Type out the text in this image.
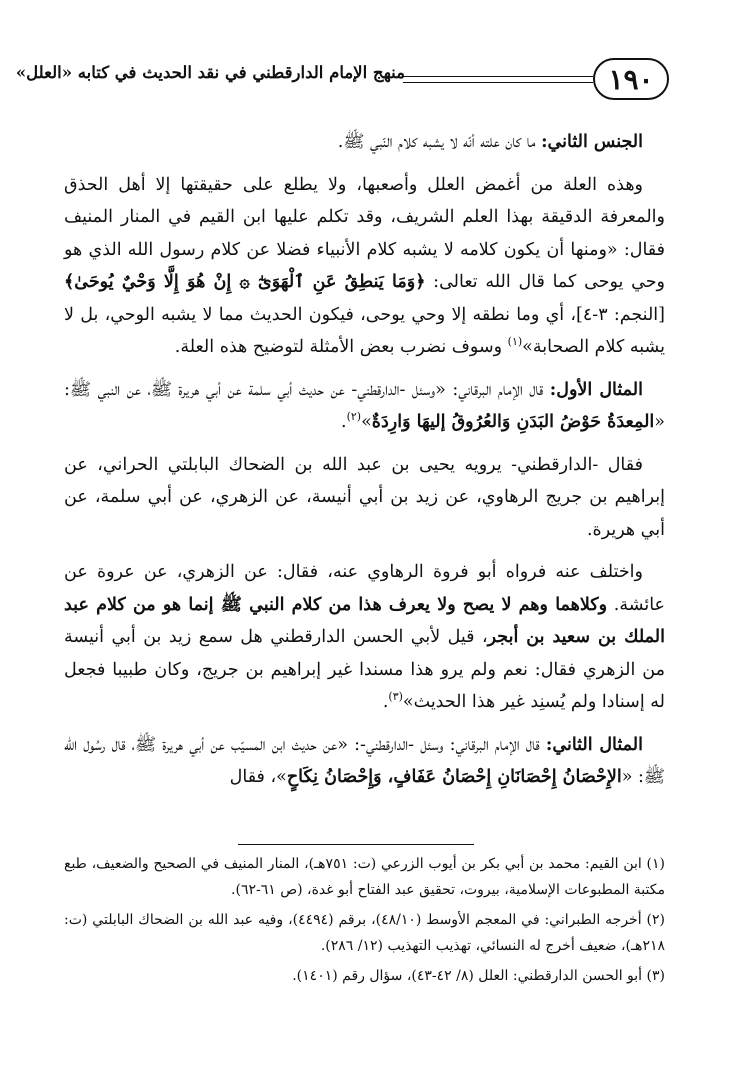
١٩٠
منهج الإمام الدارقطني في نقد الحديث في كتابه «العلل»

الجنس الثاني: ما كان علته أنّه لا يشبه كلام النّبي ﷺ.

وهذه العلة من أغمض العلل وأصعبها، ولا يطلع على حقيقتها إلا أهل الحذق والمعرفة الدقيقة بهذا العلم الشريف، وقد تكلم عليها ابن القيم في المنار المنيف فقال: «ومنها أن يكون كلامه لا يشبه كلام الأنبياء فضلا عن كلام رسول الله الذي هو وحي يوحى كما قال الله تعالى: ﴿وَمَا يَنطِقُ عَنِ ٱلْهَوَىٰٓ ۞ إِنْ هُوَ إِلَّا وَحْيٌ يُوحَىٰ﴾ [النجم: ٣-٤]، أي وما نطقه إلا وحي يوحى، فيكون الحديث مما لا يشبه الوحي، بل لا يشبه كلام الصحابة»$^{(١)}$ وسوف نضرب بعض الأمثلة لتوضيح هذه العلة.

المثال الأول: قال الإمام البرقاني: «وسئل -الدارقطني- عن حديث أبي سلمة عن أبي هريرة ﷺ، عن النبي ﷺ: «المِعدَةُ حَوْضُ البَدَنِ وَالعُرُوقُ إليهَا وَارِدَةٌ»$^{(٢)}$.

فقال -الدارقطني- يرويه يحيى بن عبد الله بن الضحاك البابلتي الحراني، عن إبراهيم بن جريج الرهاوي، عن زيد بن أبي أنيسة، عن الزهري، عن أبي سلمة، عن أبي هريرة.

واختلف عنه فرواه أبو فروة الرهاوي عنه، فقال: عن الزهري، عن عروة عن عائشة. وكلاهما وهم لا يصح ولا يعرف هذا من كلام النبي ﷺ إنما هو من كلام عبد الملك بن سعيد بن أبجر، قيل لأبي الحسن الدارقطني هل سمع زيد بن أبي أنيسة من الزهري فقال: نعم ولم يرو هذا مسندا غير إبراهيم بن جريج، وكان طبيبا فجعل له إسنادا ولم يُسنِد غير هذا الحديث»$^{(٣)}$.

المثال الثاني: قال الإمام البرقاني: وسئل -الدارقطني-: «عن حديث ابن المسيّب عن أبي هريرة ﷺ، قال رسُول الله ﷺ: «الإِحْصَانُ إِحْصَانَانِ إِحْصَانُ عَفَافٍ، وَإِحْصَانُ نِكَاحٍ»، فقال

(١) ابن القيم: محمد بن أبي بكر بن أيوب الزرعي (ت: ٧٥١هـ)، المنار المنيف في الصحيح والضعيف، طبع مكتبة المطبوعات الإسلامية، بيروت، تحقيق عبد الفتاح أبو غدة، (ص ٦١-٦٢).

(٢) أخرجه الطبراني: في المعجم الأوسط (٤٨/١٠)، برقم (٤٤٩٤)، وفيه عبد الله بن الضحاك البابلتي (ت: ٢١٨هـ)، ضعيف أخرج له النسائي، تهذيب التهذيب (١٢/ ٢٨٦).

(٣) أبو الحسن الدارقطني: العلل (٨/ ٤٢-٤٣)، سؤال رقم (١٤٠١).
